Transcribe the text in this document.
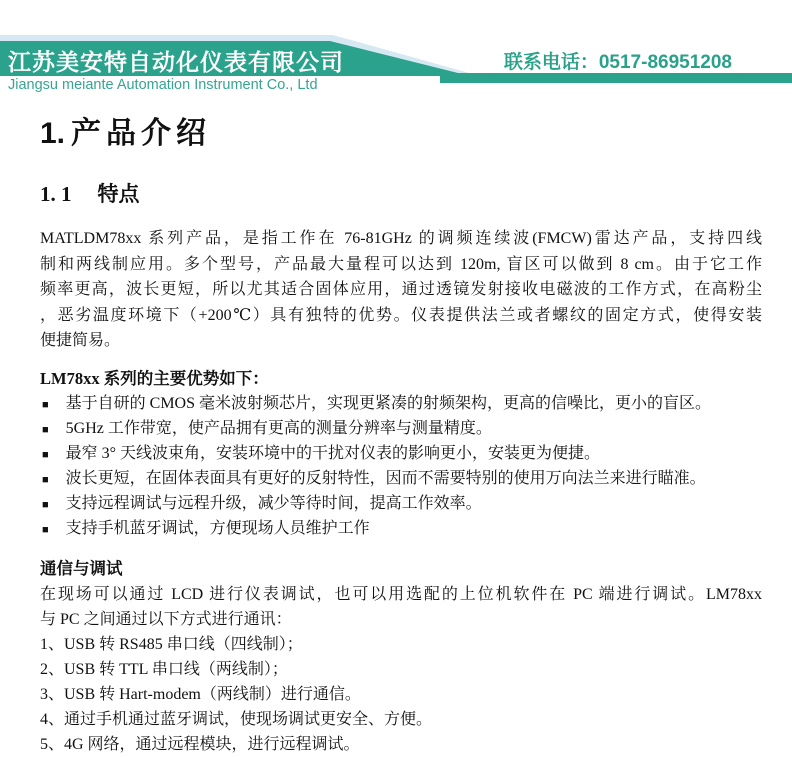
江苏美安特自动化仪表有限公司	联系电话：0517-86951208
Jiangsu meiante Automation Instrument Co., Ltd
1. 产品介绍
1. 1 特点
MATLDM78xx 系列产品，是指工作在 76-81GHz 的调频连续波(FMCW)雷达产品，支持四线
制和两线制应用。多个型号，产品最大量程可以达到 120m, 盲区可以做到 8 cm。由于它工作
频率更高，波长更短，所以尤其适合固体应用，通过透镜发射接收电磁波的工作方式，在高粉尘
，恶劣温度环境下（+200℃）具有独特的优势。仪表提供法兰或者螺纹的固定方式，使得安装
便捷简易。

LM78xx 系列的主要优势如下：

■ 基于自研的 CMOS 毫米波射频芯片，实现更紧凑的射频架构，更高的信噪比，更小的盲区。
■ 5GHz 工作带宽，使产品拥有更高的测量分辨率与测量精度。
■ 最窄 3° 天线波束角，安装环境中的干扰对仪表的影响更小，安装更为便捷。
■ 波长更短，在固体表面具有更好的反射特性，因而不需要特别的使用万向法兰来进行瞄准。
■ 支持远程调试与远程升级，减少等待时间，提高工作效率。
■ 支持手机蓝牙调试，方便现场人员维护工作

通信与调试

在现场可以通过 LCD 进行仪表调试，也可以用选配的上位机软件在 PC 端进行调试。LM78xx
与 PC 之间通过以下方式进行通讯：
1、USB 转 RS485 串口线（四线制）；
2、USB 转 TTL 串口线（两线制）；
3、USB 转 Hart-modem（两线制）进行通信。
4、通过手机通过蓝牙调试，使现场调试更安全、方便。
5、4G 网络，通过远程模块，进行远程调试。
